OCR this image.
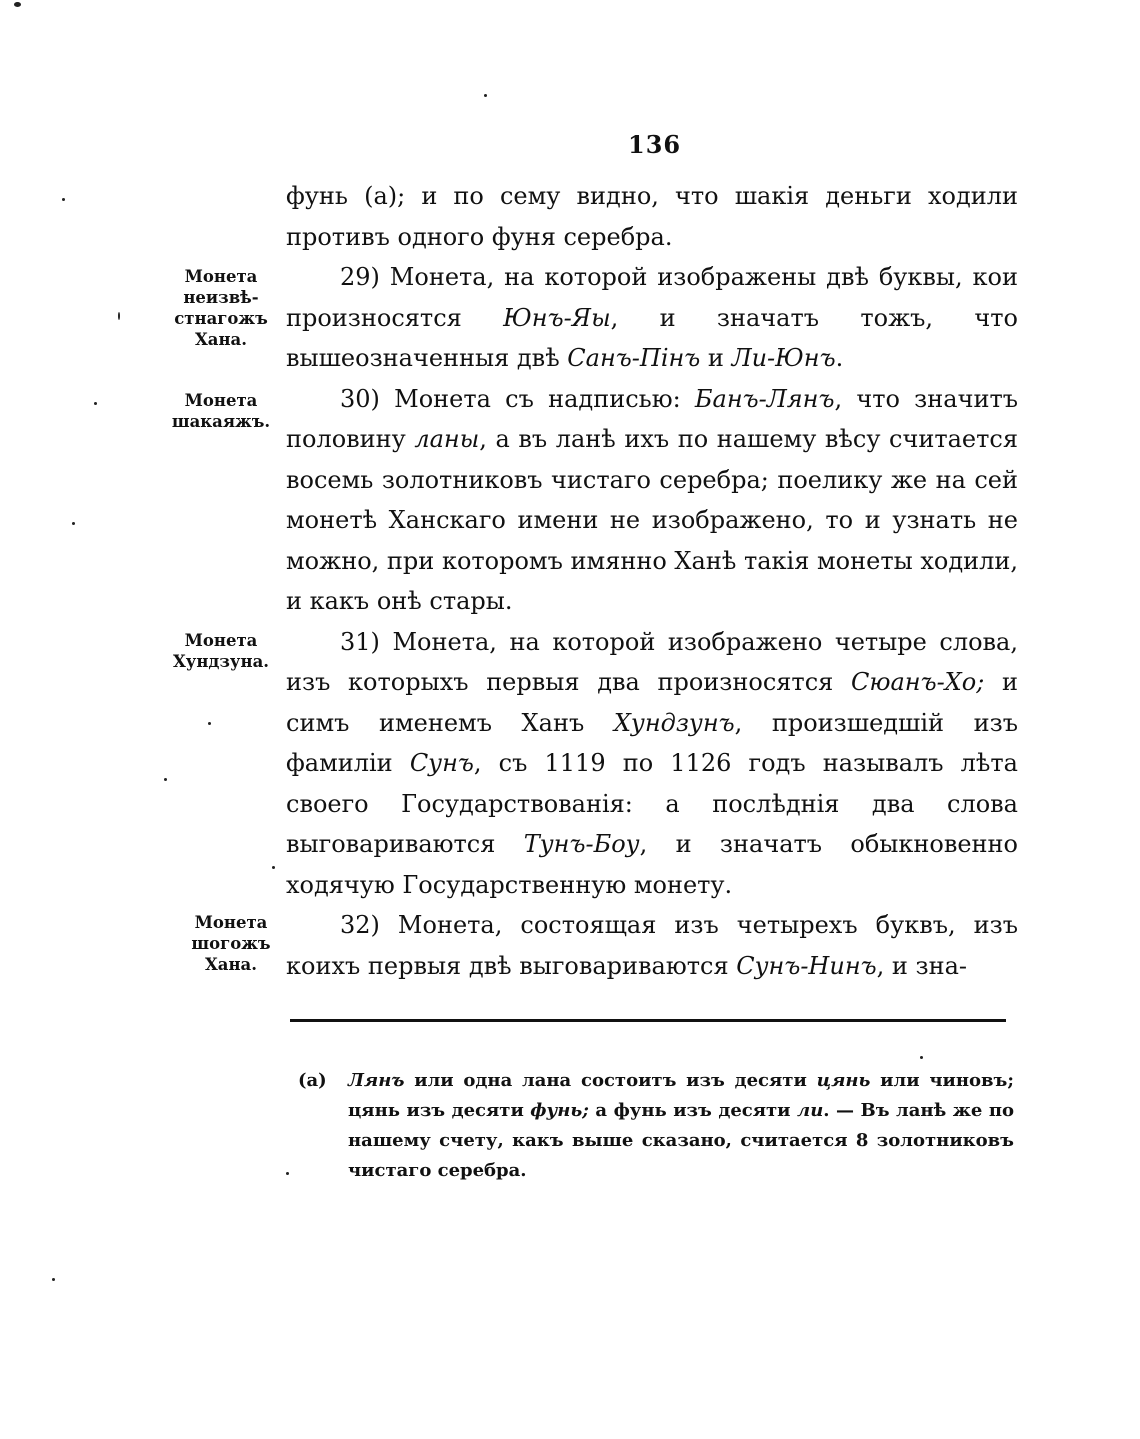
136
Монета
неизвѣ-
стнагожъ
Хана.
Монета
шакаяжъ.
Монета
Хундзуна.
Монета
шогожъ
Хана.

фунь (а); и по сему видно, что шакія деньги ходили противъ одного фуня серебра.

29) Монета, на которой изображены двѣ буквы, кои произносятся Юнъ-Яы, и значатъ тожъ, что вышеозначенныя двѣ Санъ-Пінъ и Ли-Юнъ.

30) Монета съ надписью: Банъ-Лянъ, что значитъ половину ланы, а въ ланѣ ихъ по нашему вѣсу считается восемь золотниковъ чистаго серебра; поелику же на сей монетѣ Ханскаго имени не изображено, то и узнать не можно, при которомъ имянно Ханѣ такія монеты ходили, и какъ онѣ стары.

31) Монета, на которой изображено четыре слова, изъ которыхъ первыя два произносятся Сюанъ-Хо; и симъ именемъ Ханъ Хундзунъ, произшедшій изъ фамиліи Сунъ, съ 1119 по 1126 годъ называлъ лѣта своего Государствованія: а послѣднія два слова выговариваются Тунъ-Боу, и значатъ обыкновенно ходячую Государственную монету.

32) Монета, состоящая изъ четырехъ буквъ, изъ коихъ первыя двѣ выговариваются Сунъ-Нинъ, и зна-

(а) Лянъ или одна лана состоитъ изъ десяти цянь или чиновъ; цянь изъ десяти фунь; а фунь изъ десяти ли. — Въ ланѣ же по нашему счету, какъ выше сказано, считается 8 золотниковъ чистаго серебра.
